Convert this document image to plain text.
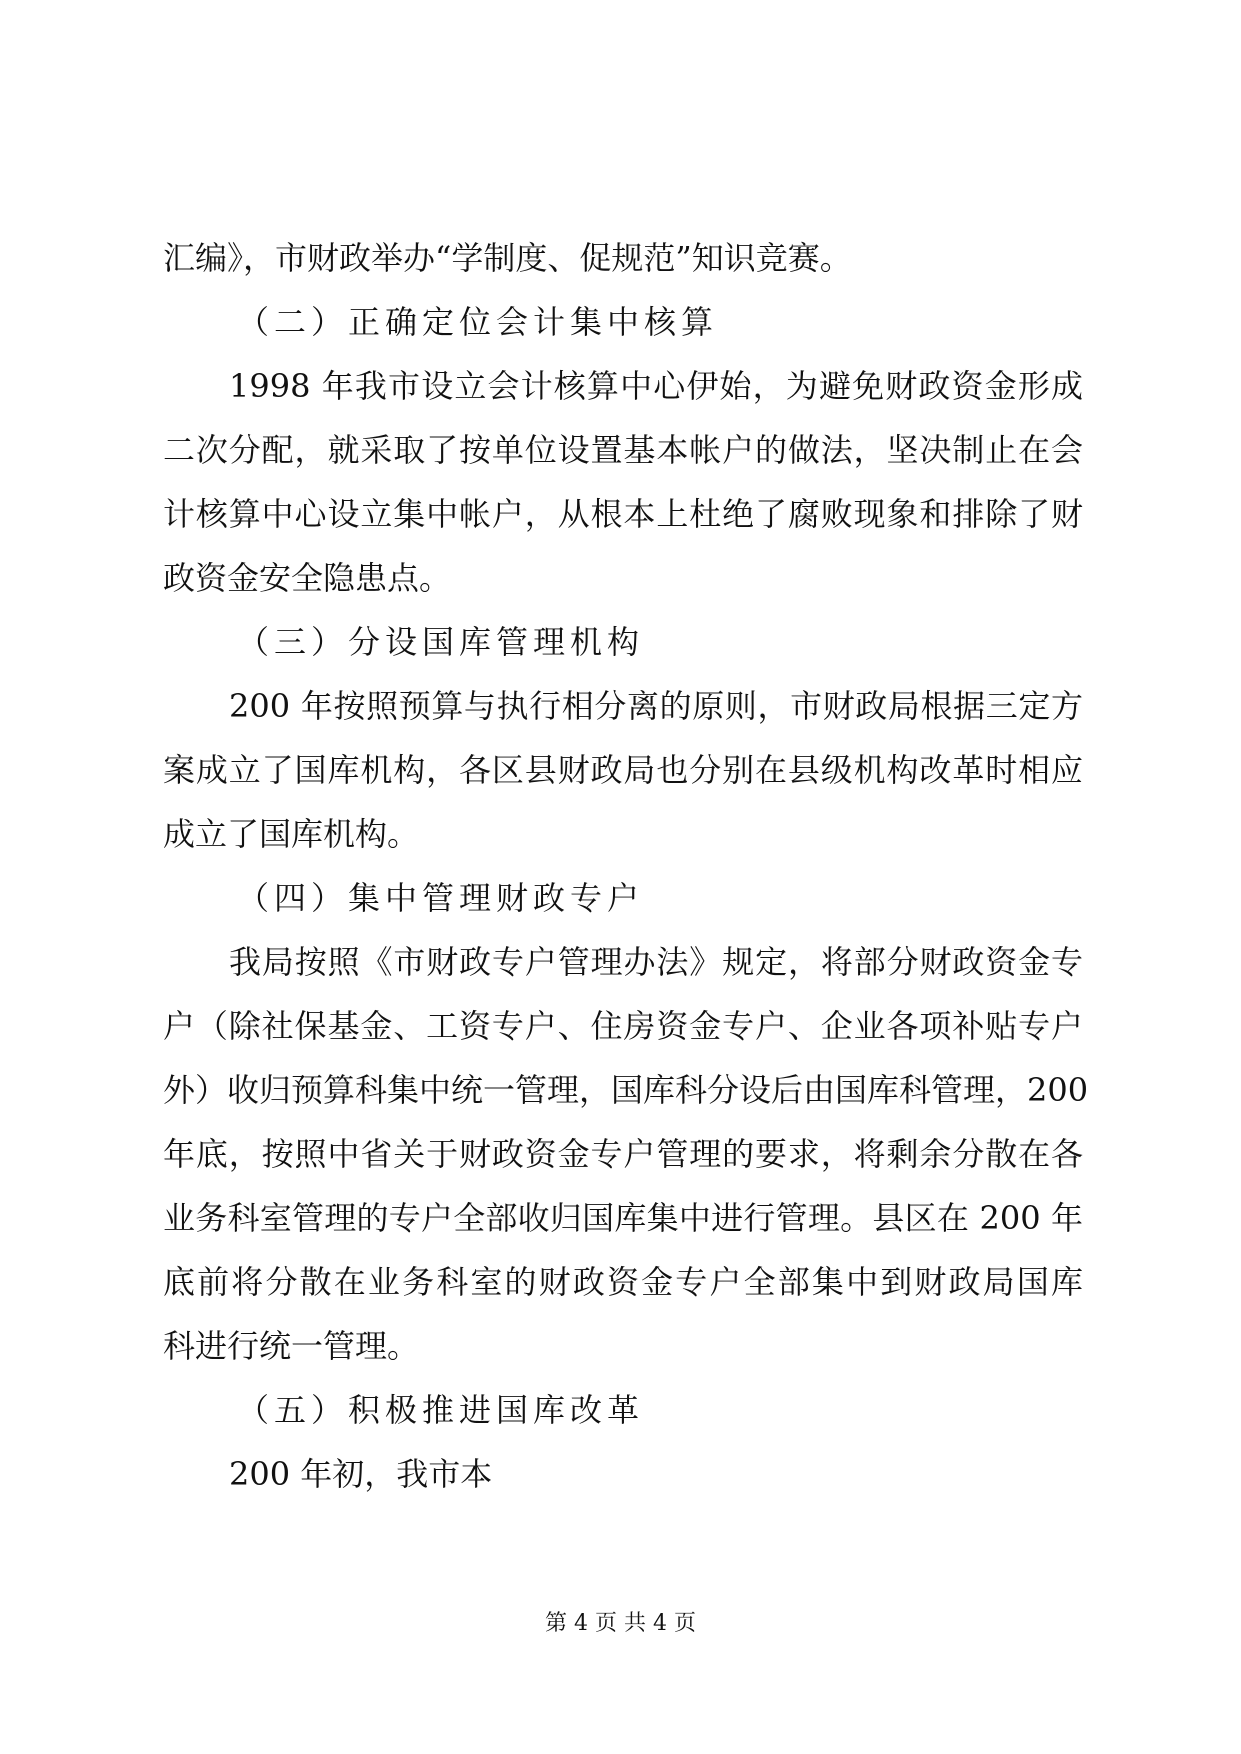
汇编》，市财政举办“学制度、促规范”知识竞赛。
（二）正确定位会计集中核算
1998 年我市设立会计核算中心伊始，为避免财政资金形成
二次分配，就采取了按单位设置基本帐户的做法，坚决制止在会
计核算中心设立集中帐户，从根本上杜绝了腐败现象和排除了财
政资金安全隐患点。
（三）分设国库管理机构
200 年按照预算与执行相分离的原则，市财政局根据三定方
案成立了国库机构，各区县财政局也分别在县级机构改革时相应
成立了国库机构。
（四）集中管理财政专户
我局按照《市财政专户管理办法》规定，将部分财政资金专
户（除社保基金、工资专户、住房资金专户、企业各项补贴专户
外）收归预算科集中统一管理，国库科分设后由国库科管理，200
年底，按照中省关于财政资金专户管理的要求，将剩余分散在各
业务科室管理的专户全部收归国库集中进行管理。县区在 200 年
底前将分散在业务科室的财政资金专户全部集中到财政局国库
科进行统一管理。
（五）积极推进国库改革
200 年初，我市本
第 4 页 共 4 页
